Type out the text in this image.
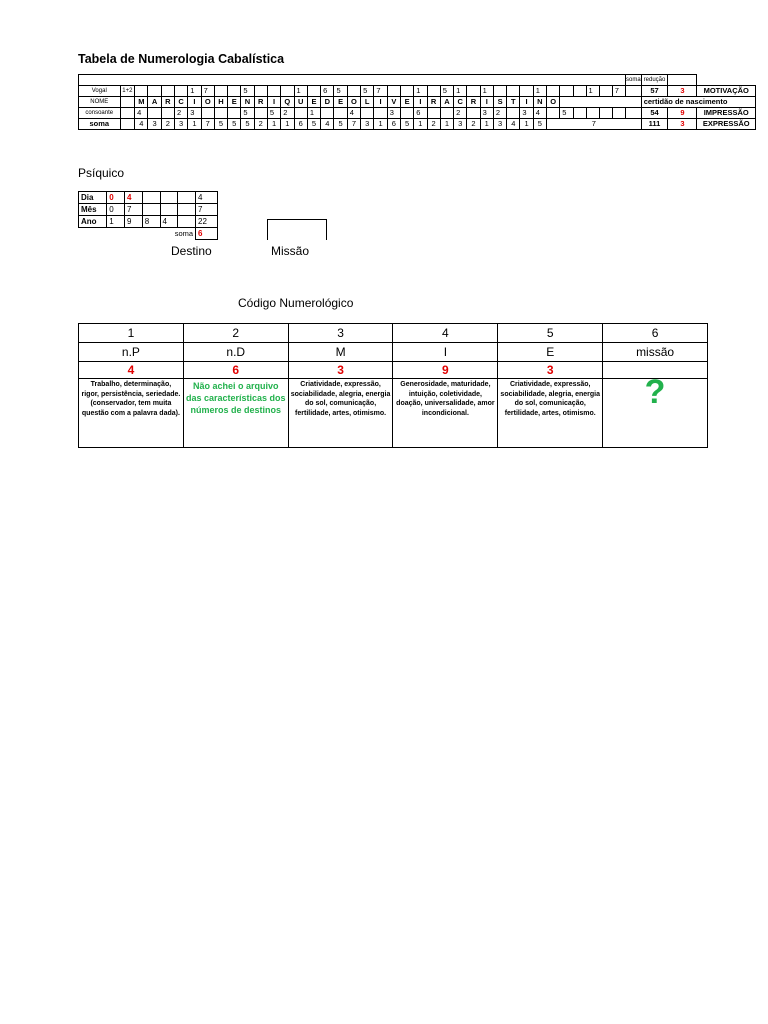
Tabela de Numerologia Cabalística
																																							soma	redução		
Vogal	1+2					1	7			5				1		6	5		5	7			1		5	1		1				1				1		7		57	3	MOTIVAÇÃO
NOME		M	A	R	C	I	O	H	E	N	R	I	Q	U	E	D	E	O	L	I	V	E	I	R	A	C	R	I	S	T	I	N	O							certidão de nascimento		
consoante		4			2	3				5		5	2		1			4			3		6			2		3	2		3	4		5						54	9	IMPRESSÃO
soma		4	3	2	3	1	7	5	5	5	2	1	1	6	5	4	5	7	3	1	6	5	1	2	1	3	2	1	3	4	1	5	7							111	3	EXPRESSÃO
Psíquico
Dia	0	4				4
Mês	0	7				7
Ano	1	9	8	4		22
soma						6
Destino	Missão
Código Numerológico
1	2	3	4	5	6
n.P	n.D	M	I	E	missão
4	6	3	9	3	
Trabalho, determinação, rigor, persistência, seriedade. (conservador, tem muita questão com a palavra dada).	Não achei o arquivo das características dos números de destinos	Criatividade, expressão, sociabilidade, alegria, energia do sol, comunicação, fertilidade, artes, otimismo.	Generosidade, maturidade, intuição, coletividade, doação, universalidade, amor incondicional.	Criatividade, expressão, sociabilidade, alegria, energia do sol, comunicação, fertilidade, artes, otimismo.	?
